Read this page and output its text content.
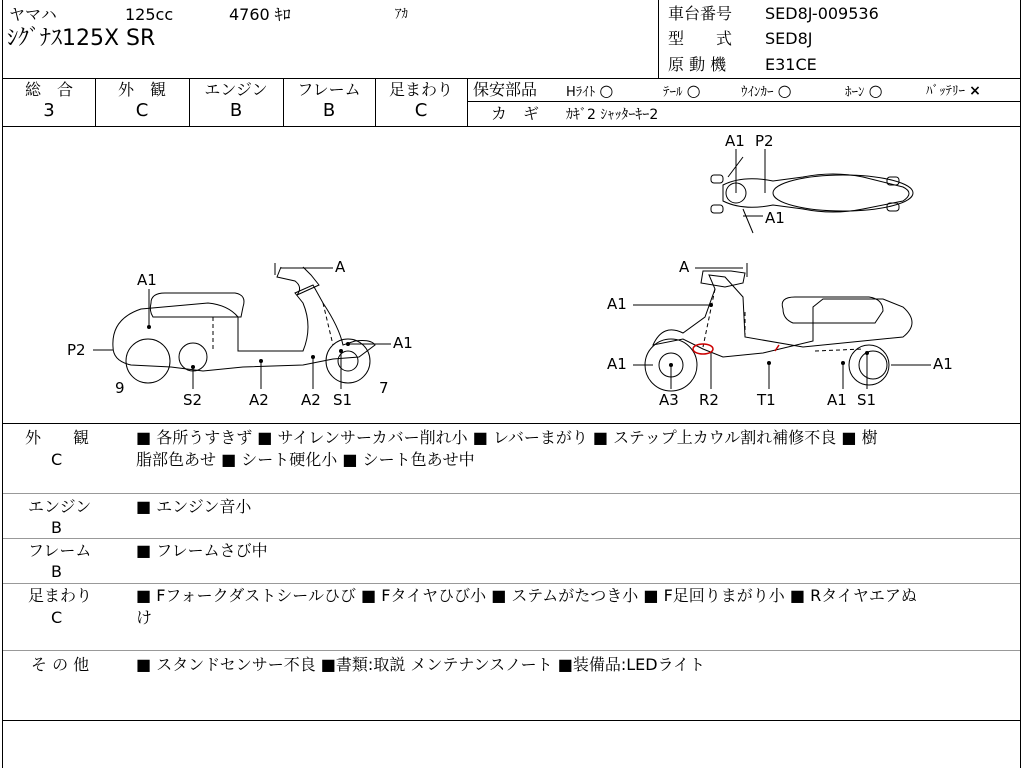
ヤマハ	125cc	4760 ｷﾛ	ｱｶ
ｼｸﾞﾅｽ125X SR
車台番号 SED8J-009536
型　　式 SED8J
原 動 機 E31CE
総　合	外　観	エンジン	フレーム	足まわり
3	C	B	B	C
保安部品 Hﾗｲﾄ ○	ﾃｰﾙ ○	ｳｲﾝｶｰ ○	ﾎｰﾝ ○	ﾊﾞｯﾃﾘｰ ×
カ　ギ ｶｷﾞ2 ｼｬｯﾀｰｷｰ2
A1 P2
A1
A
A1
P2	A1
9
S2	A2 A2 S1
7
A
A1
A1
A3 R2	T1	A1 S1
A1
外　　観
C
■ 各所うすきず ■ サイレンサーカバー削れ小 ■ レバーまがり ■ ステップ上カウル割れ補修不良 ■ 樹
脂部色あせ ■ シート硬化小 ■ シート色あせ中
エンジン
B
■ エンジン音小
フレーム
B
■ フレームさび中
足まわり
C
■ Fフォークダストシールひび ■ Fタイヤひび小 ■ ステムがたつき小 ■ F足回りまがり小 ■ Rタイヤエアぬ
け
そ の 他	■ スタンドセンサー不良 ■書類:取説 メンテナンスノート ■装備品:LEDライト
